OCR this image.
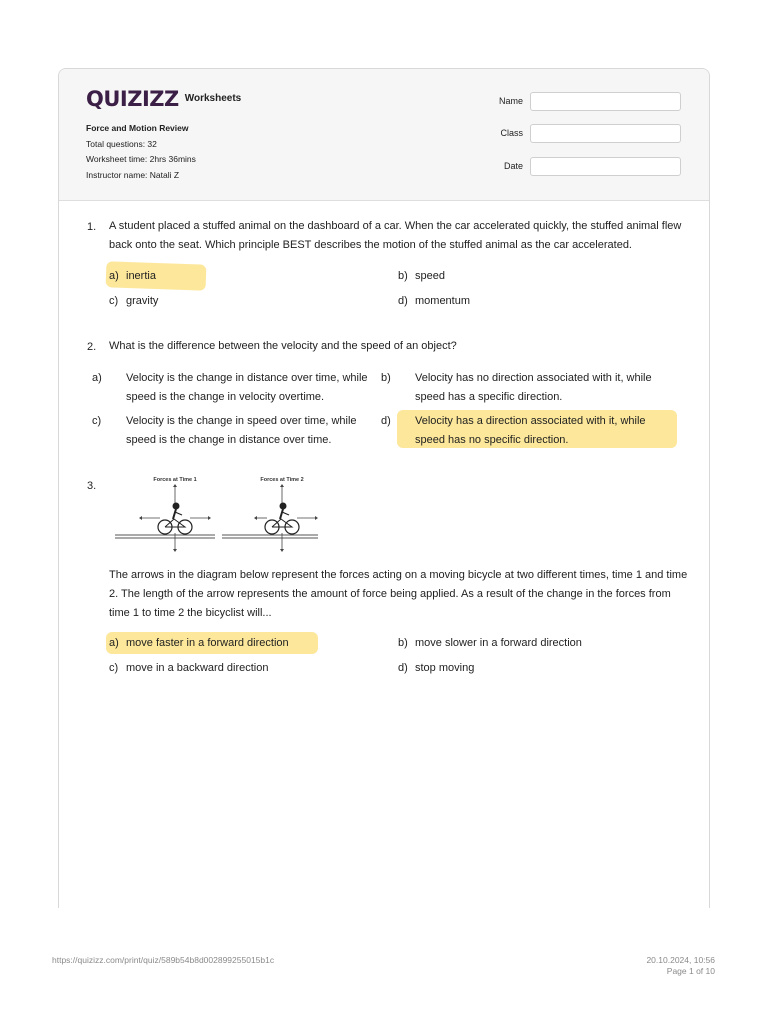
QUIZIZZ Worksheets
Force and Motion Review
Total questions: 32
Worksheet time: 2hrs 36mins
Instructor name: Natali Z
Name
Class
Date
1. A student placed a stuffed animal on the dashboard of a car. When the car accelerated quickly, the stuffed animal flew back onto the seat. Which principle BEST describes the motion of the stuffed animal as the car accelerated.
a) inertia	b) speed
c) gravity	d) momentum
2. What is the difference between the velocity and the speed of an object?
a) Velocity is the change in distance over time, while speed is the change in velocity overtime.
b) Velocity has no direction associated with it, while speed has a specific direction.
c) Velocity is the change in speed over time, while speed is the change in distance over time.
d) Velocity has a direction associated with it, while speed has no specific direction.
3.	Forces at Time 1	Forces at Time 2
The arrows in the diagram below represent the forces acting on a moving bicycle at two different times, time 1 and time 2. The length of the arrow represents the amount of force being applied. As a result of the change in the forces from time 1 to time 2 the bicyclist will...
a) move faster in a forward direction	b) move slower in a forward direction
c) move in a backward direction	d) stop moving
https://quizizz.com/print/quiz/589b54b8d002899255015b1c	20.10.2024, 10:56
Page 1 of 10
